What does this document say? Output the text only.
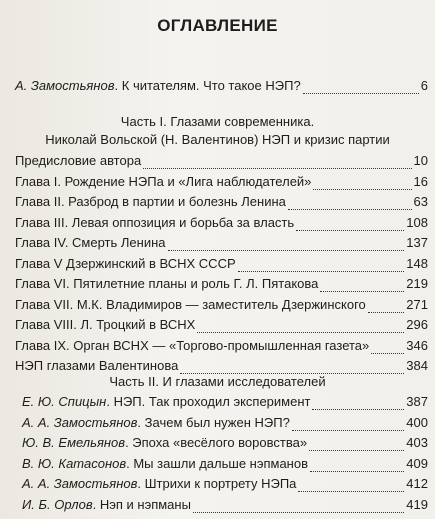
ОГЛАВЛЕНИЕ
А. Замостьянов. К читателям. Что такое НЭП?	6
Часть I. Глазами современника.
Николай Вольской (Н. Валентинов) НЭП и кризис партии
Предисловие автора	10
Глава I. Рождение НЭПа и «Лига наблюдателей»	16
Глава II. Разброд в партии и болезнь Ленина	63
Глава III. Левая оппозиция и борьба за власть	108
Глава IV. Смерть Ленина	137
Глава V Дзержинский в ВСНХ СССР	148
Глава VI. Пятилетние планы и роль Г. Л. Пятакова	219
Глава VII. М.К. Владимиров — заместитель Дзержинского	271
Глава VIII. Л. Троцкий в ВСНХ	296
Глава IX. Орган ВСНХ — «Торгово-промышленная газета»	346
НЭП глазами Валентинова	384
Часть II. И глазами исследователей
Е. Ю. Спицын. НЭП. Так проходил эксперимент	387
А. А. Замостьянов. Зачем был нужен НЭП?	400
Ю. В. Емельянов. Эпоха «весёлого воровства»	403
В. Ю. Катасонов. Мы зашли дальше нэпманов	409
А. А. Замостьянов. Штрихи к портрету НЭПа	412
И. Б. Орлов. Нэп и нэпманы	419
